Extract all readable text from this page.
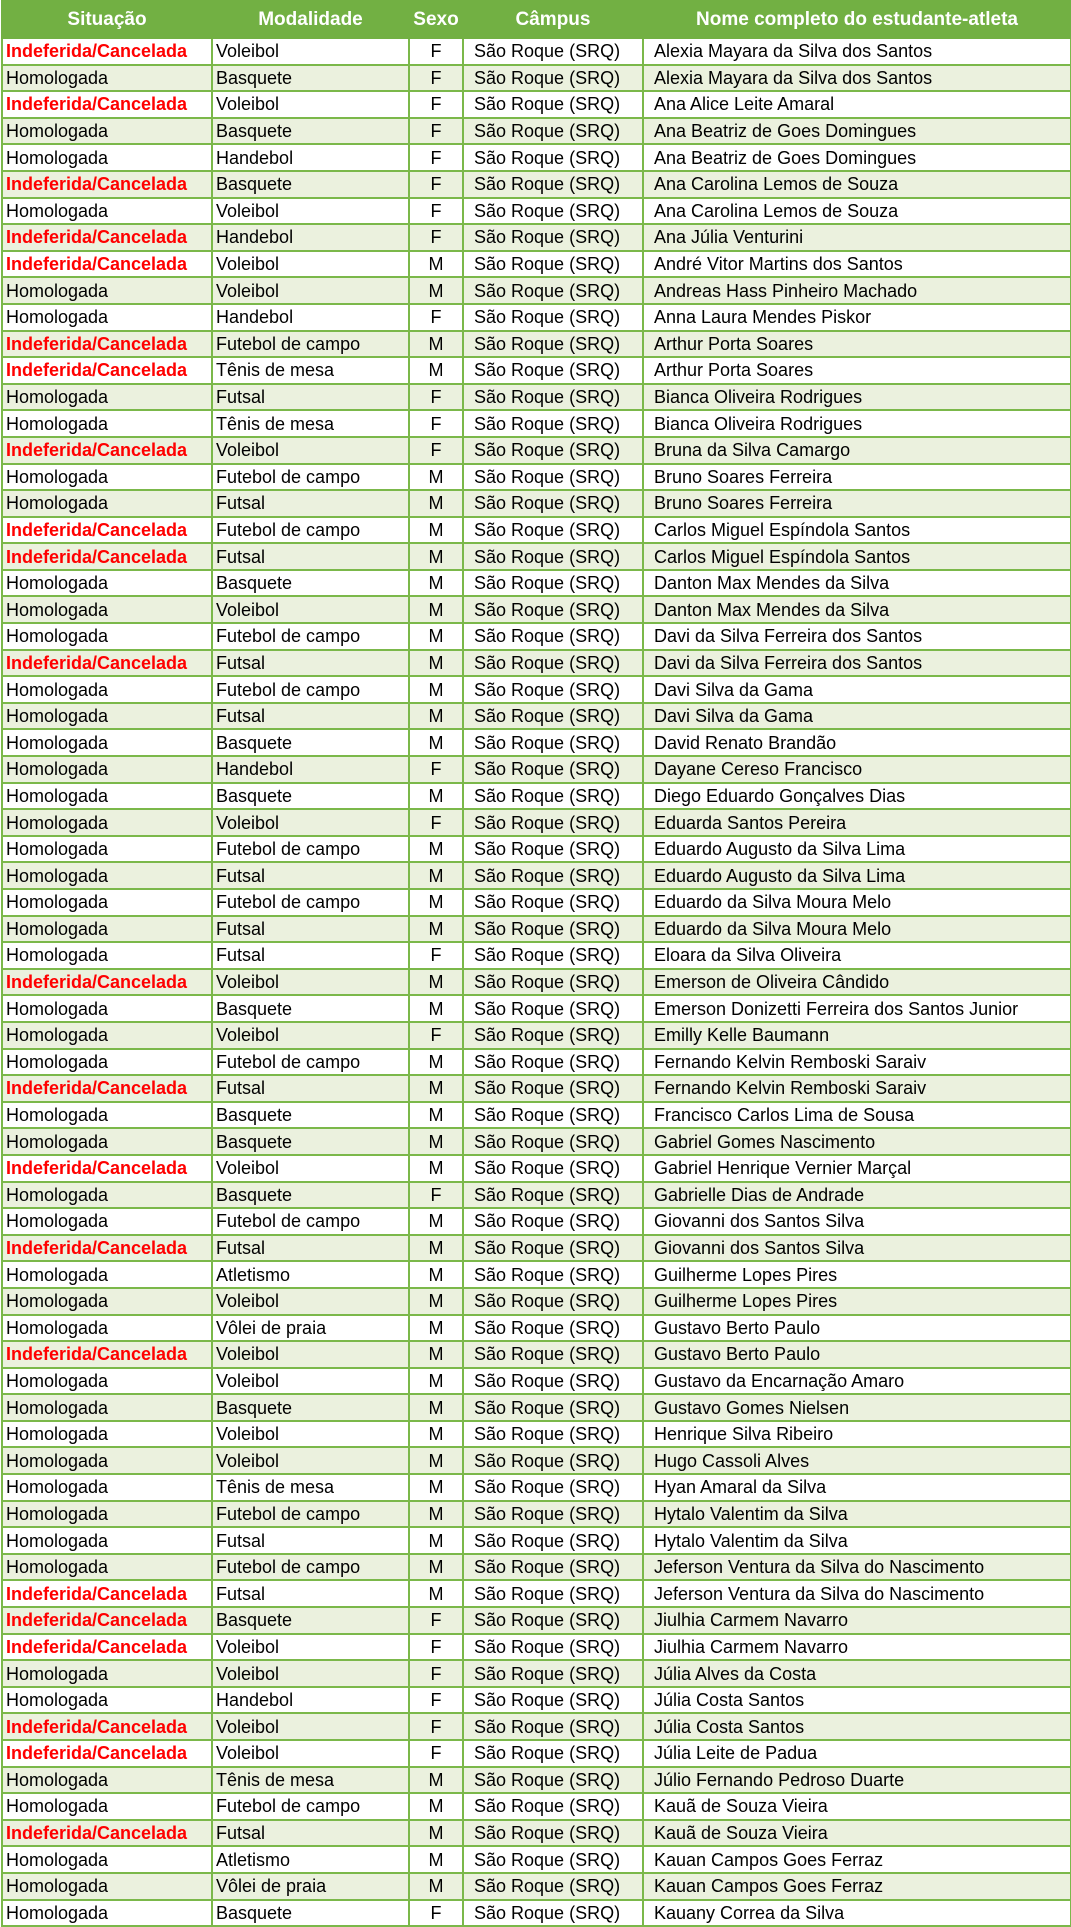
Situação	Modalidade	Sexo	Câmpus	Nome completo do estudante-atleta
Indeferida/Cancelada	Voleibol	F	São Roque (SRQ)	Alexia Mayara da Silva dos Santos
Homologada	Basquete	F	São Roque (SRQ)	Alexia Mayara da Silva dos Santos
Indeferida/Cancelada	Voleibol	F	São Roque (SRQ)	Ana Alice Leite Amaral
Homologada	Basquete	F	São Roque (SRQ)	Ana Beatriz de Goes Domingues
Homologada	Handebol	F	São Roque (SRQ)	Ana Beatriz de Goes Domingues
Indeferida/Cancelada	Basquete	F	São Roque (SRQ)	Ana Carolina Lemos de Souza
Homologada	Voleibol	F	São Roque (SRQ)	Ana Carolina Lemos de Souza
Indeferida/Cancelada	Handebol	F	São Roque (SRQ)	Ana Júlia Venturini
Indeferida/Cancelada	Voleibol	M	São Roque (SRQ)	André Vitor Martins dos Santos
Homologada	Voleibol	M	São Roque (SRQ)	Andreas Hass Pinheiro Machado
Homologada	Handebol	F	São Roque (SRQ)	Anna Laura Mendes Piskor
Indeferida/Cancelada	Futebol de campo	M	São Roque (SRQ)	Arthur Porta Soares
Indeferida/Cancelada	Tênis de mesa	M	São Roque (SRQ)	Arthur Porta Soares
Homologada	Futsal	F	São Roque (SRQ)	Bianca Oliveira Rodrigues
Homologada	Tênis de mesa	F	São Roque (SRQ)	Bianca Oliveira Rodrigues
Indeferida/Cancelada	Voleibol	F	São Roque (SRQ)	Bruna da Silva Camargo
Homologada	Futebol de campo	M	São Roque (SRQ)	Bruno Soares Ferreira
Homologada	Futsal	M	São Roque (SRQ)	Bruno Soares Ferreira
Indeferida/Cancelada	Futebol de campo	M	São Roque (SRQ)	Carlos Miguel Espíndola Santos
Indeferida/Cancelada	Futsal	M	São Roque (SRQ)	Carlos Miguel Espíndola Santos
Homologada	Basquete	M	São Roque (SRQ)	Danton Max Mendes da Silva
Homologada	Voleibol	M	São Roque (SRQ)	Danton Max Mendes da Silva
Homologada	Futebol de campo	M	São Roque (SRQ)	Davi da Silva Ferreira dos Santos
Indeferida/Cancelada	Futsal	M	São Roque (SRQ)	Davi da Silva Ferreira dos Santos
Homologada	Futebol de campo	M	São Roque (SRQ)	Davi Silva da Gama
Homologada	Futsal	M	São Roque (SRQ)	Davi Silva da Gama
Homologada	Basquete	M	São Roque (SRQ)	David Renato Brandão
Homologada	Handebol	F	São Roque (SRQ)	Dayane Cereso Francisco
Homologada	Basquete	M	São Roque (SRQ)	Diego Eduardo Gonçalves Dias
Homologada	Voleibol	F	São Roque (SRQ)	Eduarda Santos Pereira
Homologada	Futebol de campo	M	São Roque (SRQ)	Eduardo Augusto da Silva Lima
Homologada	Futsal	M	São Roque (SRQ)	Eduardo Augusto da Silva Lima
Homologada	Futebol de campo	M	São Roque (SRQ)	Eduardo da Silva Moura Melo
Homologada	Futsal	M	São Roque (SRQ)	Eduardo da Silva Moura Melo
Homologada	Futsal	F	São Roque (SRQ)	Eloara da Silva Oliveira
Indeferida/Cancelada	Voleibol	M	São Roque (SRQ)	Emerson de Oliveira Cândido
Homologada	Basquete	M	São Roque (SRQ)	Emerson Donizetti Ferreira dos Santos Junior
Homologada	Voleibol	F	São Roque (SRQ)	Emilly Kelle Baumann
Homologada	Futebol de campo	M	São Roque (SRQ)	Fernando Kelvin Remboski Saraiv
Indeferida/Cancelada	Futsal	M	São Roque (SRQ)	Fernando Kelvin Remboski Saraiv
Homologada	Basquete	M	São Roque (SRQ)	Francisco Carlos Lima de Sousa
Homologada	Basquete	M	São Roque (SRQ)	Gabriel Gomes Nascimento
Indeferida/Cancelada	Voleibol	M	São Roque (SRQ)	Gabriel Henrique Vernier Marçal
Homologada	Basquete	F	São Roque (SRQ)	Gabrielle Dias de Andrade
Homologada	Futebol de campo	M	São Roque (SRQ)	Giovanni dos Santos Silva
Indeferida/Cancelada	Futsal	M	São Roque (SRQ)	Giovanni dos Santos Silva
Homologada	Atletismo	M	São Roque (SRQ)	Guilherme Lopes Pires
Homologada	Voleibol	M	São Roque (SRQ)	Guilherme Lopes Pires
Homologada	Vôlei de praia	M	São Roque (SRQ)	Gustavo Berto Paulo
Indeferida/Cancelada	Voleibol	M	São Roque (SRQ)	Gustavo Berto Paulo
Homologada	Voleibol	M	São Roque (SRQ)	Gustavo da Encarnação Amaro
Homologada	Basquete	M	São Roque (SRQ)	Gustavo Gomes Nielsen
Homologada	Voleibol	M	São Roque (SRQ)	Henrique Silva Ribeiro
Homologada	Voleibol	M	São Roque (SRQ)	Hugo Cassoli Alves
Homologada	Tênis de mesa	M	São Roque (SRQ)	Hyan Amaral da Silva
Homologada	Futebol de campo	M	São Roque (SRQ)	Hytalo Valentim da Silva
Homologada	Futsal	M	São Roque (SRQ)	Hytalo Valentim da Silva
Homologada	Futebol de campo	M	São Roque (SRQ)	Jeferson Ventura da Silva do Nascimento
Indeferida/Cancelada	Futsal	M	São Roque (SRQ)	Jeferson Ventura da Silva do Nascimento
Indeferida/Cancelada	Basquete	F	São Roque (SRQ)	Jiulhia Carmem Navarro
Indeferida/Cancelada	Voleibol	F	São Roque (SRQ)	Jiulhia Carmem Navarro
Homologada	Voleibol	F	São Roque (SRQ)	Júlia Alves da Costa
Homologada	Handebol	F	São Roque (SRQ)	Júlia Costa Santos
Indeferida/Cancelada	Voleibol	F	São Roque (SRQ)	Júlia Costa Santos
Indeferida/Cancelada	Voleibol	F	São Roque (SRQ)	Júlia Leite de Padua
Homologada	Tênis de mesa	M	São Roque (SRQ)	Júlio Fernando Pedroso Duarte
Homologada	Futebol de campo	M	São Roque (SRQ)	Kauã de Souza Vieira
Indeferida/Cancelada	Futsal	M	São Roque (SRQ)	Kauã de Souza Vieira
Homologada	Atletismo	M	São Roque (SRQ)	Kauan Campos Goes Ferraz
Homologada	Vôlei de praia	M	São Roque (SRQ)	Kauan Campos Goes Ferraz
Homologada	Basquete	F	São Roque (SRQ)	Kauany Correa da Silva
